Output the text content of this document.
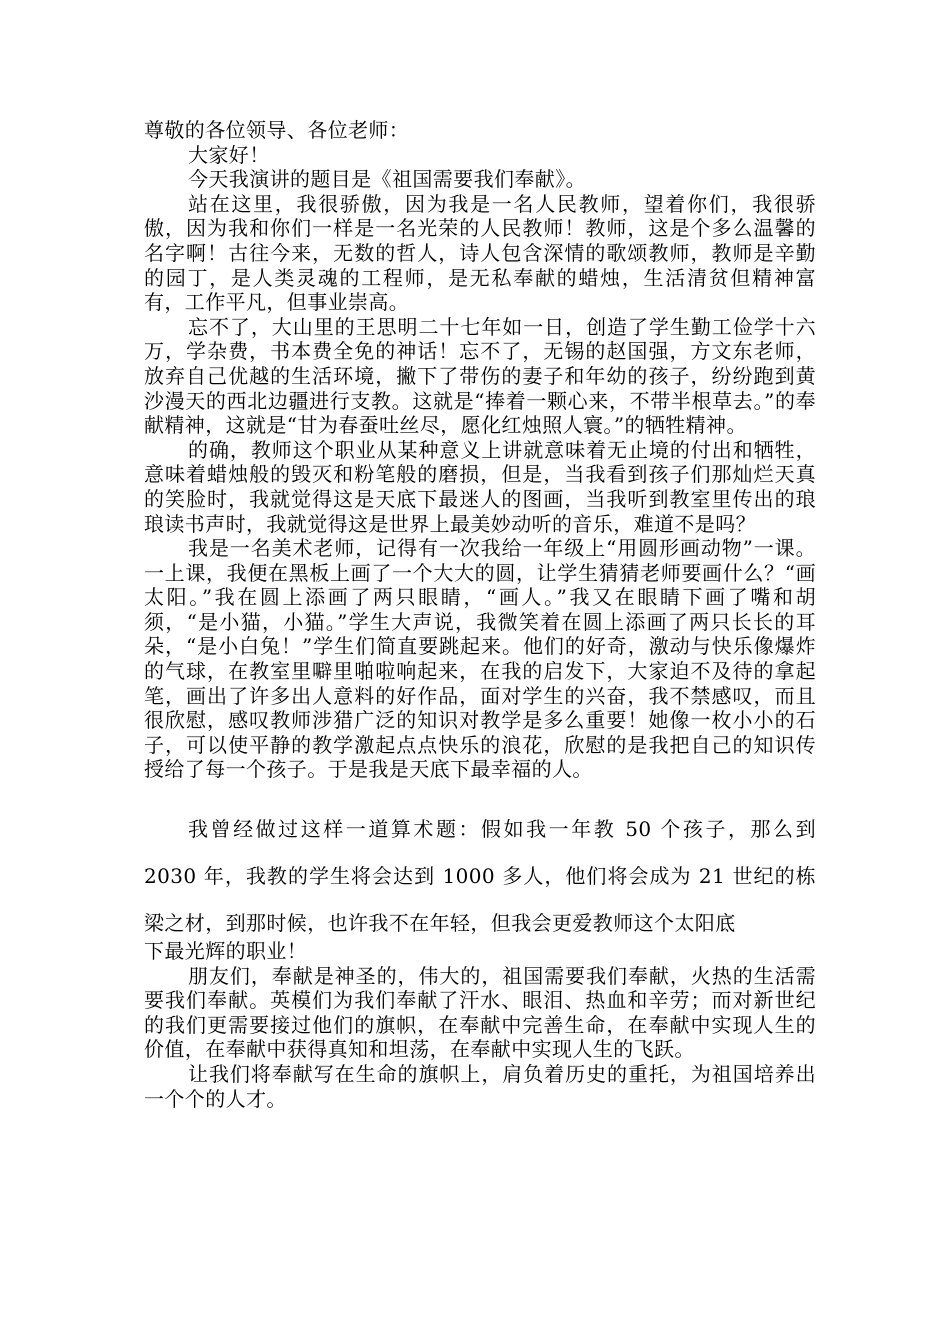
尊敬的各位领导、各位老师：

大家好！

今天我演讲的题目是《祖国需要我们奉献》。

站在这里，我很骄傲，因为我是一名人民教师，望着你们，我很骄傲，因为我和你们一样是一名光荣的人民教师！教师，这是个多么温馨的名字啊！古往今来，无数的哲人，诗人包含深情的歌颂教师，教师是辛勤的园丁，是人类灵魂的工程师，是无私奉献的蜡烛，生活清贫但精神富有，工作平凡，但事业崇高。

忘不了，大山里的王思明二十七年如一日，创造了学生勤工俭学十六万，学杂费，书本费全免的神话！忘不了，无锡的赵国强，方文东老师，放弃自己优越的生活环境，撇下了带伤的妻子和年幼的孩子，纷纷跑到黄沙漫天的西北边疆进行支教。这就是“捧着一颗心来，不带半根草去。”的奉献精神，这就是“甘为春蚕吐丝尽，愿化红烛照人寰。”的牺牲精神。

的确，教师这个职业从某种意义上讲就意味着无止境的付出和牺牲，意味着蜡烛般的毁灭和粉笔般的磨损，但是，当我看到孩子们那灿烂天真的笑脸时，我就觉得这是天底下最迷人的图画，当我听到教室里传出的琅琅读书声时，我就觉得这是世界上最美妙动听的音乐，难道不是吗？

我是一名美术老师，记得有一次我给一年级上“用圆形画动物”一课。一上课，我便在黑板上画了一个大大的圆，让学生猜猜老师要画什么？“画太阳。”我在圆上添画了两只眼睛，“画人。”我又在眼睛下画了嘴和胡须，“是小猫，小猫。”学生大声说，我微笑着在圆上添画了两只长长的耳朵，“是小白兔！”学生们简直要跳起来。他们的好奇，激动与快乐像爆炸的气球，在教室里噼里啪啦响起来，在我的启发下，大家迫不及待的拿起笔，画出了许多出人意料的好作品，面对学生的兴奋，我不禁感叹，而且很欣慰，感叹教师涉猎广泛的知识对教学是多么重要！她像一枚小小的石子，可以使平静的教学激起点点快乐的浪花，欣慰的是我把自己的知识传授给了每一个孩子。于是我是天底下最幸福的人。

我曾经做过这样一道算术题：假如我一年教 50 个孩子，那么到 2030 年，我教的学生将会达到 1000 多人，他们将会成为 21 世纪的栋梁之材，到那时候，也许我不在年轻，但我会更爱教师这个太阳底

下最光辉的职业！

朋友们，奉献是神圣的，伟大的，祖国需要我们奉献，火热的生活需要我们奉献。英模们为我们奉献了汗水、眼泪、热血和辛劳；而对新世纪的我们更需要接过他们的旗帜，在奉献中完善生命，在奉献中实现人生的价值，在奉献中获得真知和坦荡，在奉献中实现人生的飞跃。

让我们将奉献写在生命的旗帜上，肩负着历史的重托，为祖国培养出一个个的人才。
